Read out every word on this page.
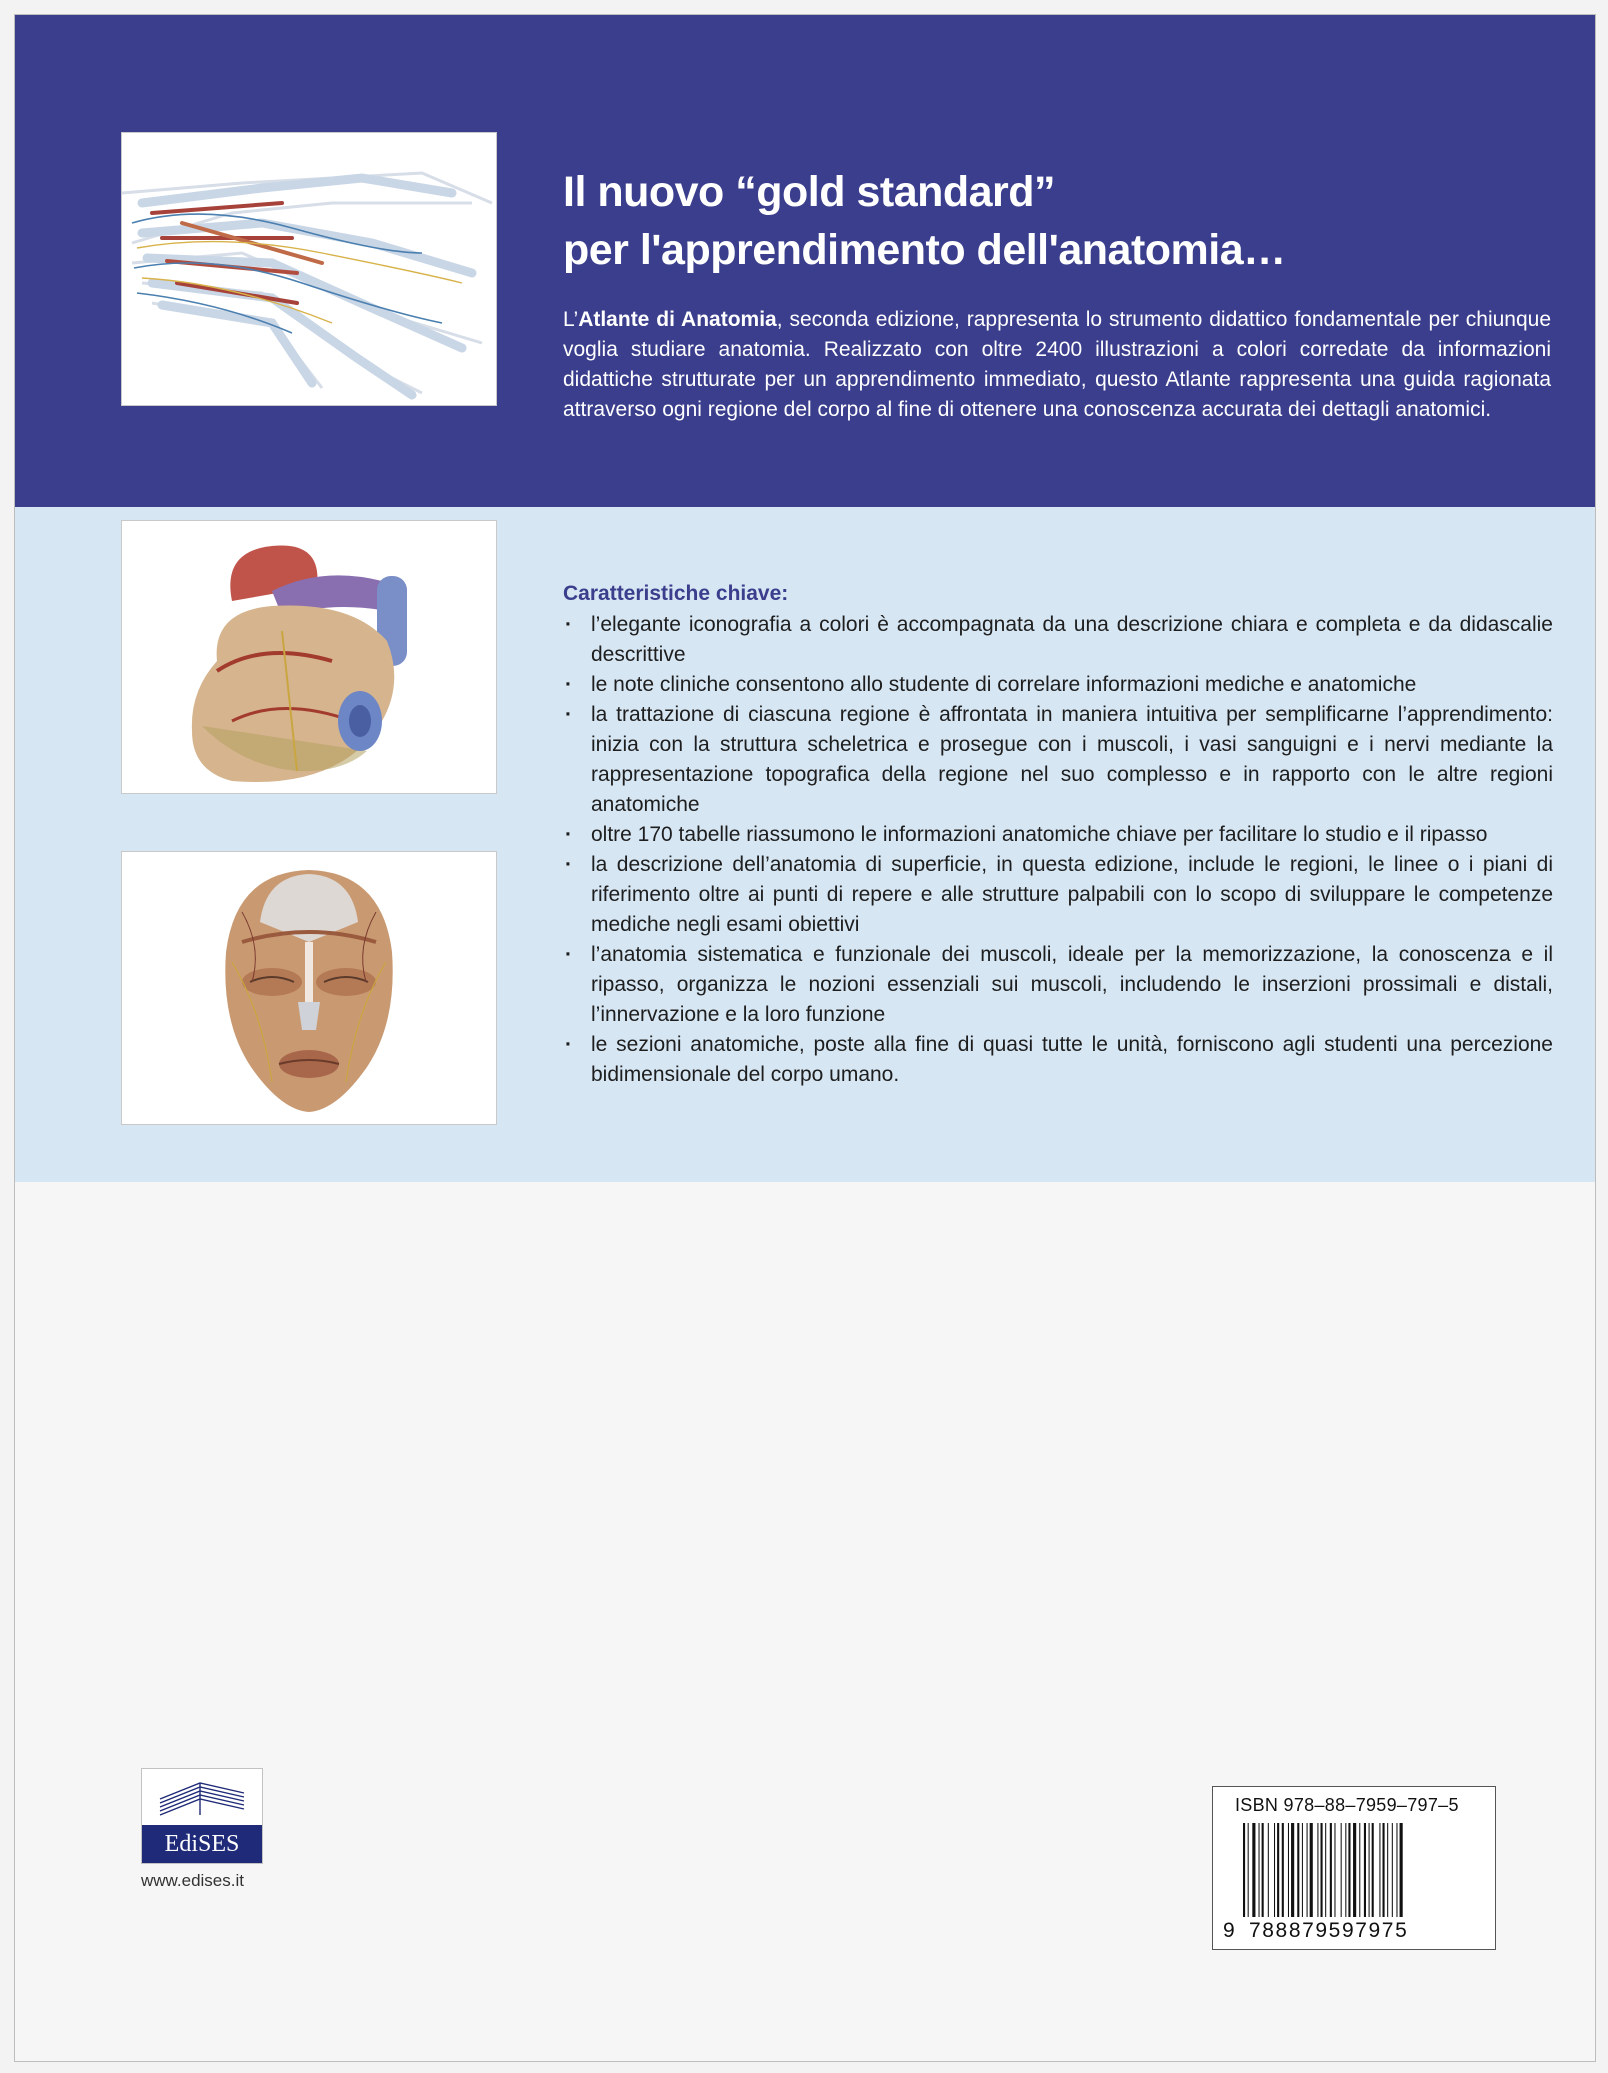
Il nuovo “gold standard”
per l'apprendimento dell'anatomia…
L’Atlante di Anatomia, seconda edizione, rappresenta lo strumento didattico fondamentale per chiunque voglia studiare anatomia. Realizzato con oltre 2400 illustrazioni a colori corredate da informazioni didattiche strutturate per un apprendimento immediato, questo Atlante rappresenta una guida ragionata attraverso ogni regione del corpo al fine di ottenere una conoscenza accurata dei dettagli anatomici.
Caratteristiche chiave:
· l’elegante iconografia a colori è accompagnata da una descrizione chiara e completa e da didascalie descrittive
· le note cliniche consentono allo studente di correlare informazioni mediche e anatomiche
· la trattazione di ciascuna regione è affrontata in maniera intuitiva per semplificarne l’apprendimento: inizia con la struttura scheletrica e prosegue con i muscoli, i vasi sanguigni e i nervi mediante la rappresentazione topografica della regione nel suo complesso e in rapporto con le altre regioni anatomiche
· oltre 170 tabelle riassumono le informazioni anatomiche chiave per facilitare lo studio e il ripasso
· la descrizione dell’anatomia di superficie, in questa edizione, include le regioni, le linee o i piani di riferimento oltre ai punti di repere e alle strutture palpabili con lo scopo di sviluppare le competenze mediche negli esami obiettivi
· l’anatomia sistematica e funzionale dei muscoli, ideale per la memorizzazione, la conoscenza e il ripasso, organizza le nozioni essenziali sui muscoli, includendo le inserzioni prossimali e distali, l’innervazione e la loro funzione
· le sezioni anatomiche, poste alla fine di quasi tutte le unità, forniscono agli studenti una percezione bidimensionale del corpo umano.
EdiSES
www.edises.it
ISBN 978–88–7959–797–5
9 788879597975
